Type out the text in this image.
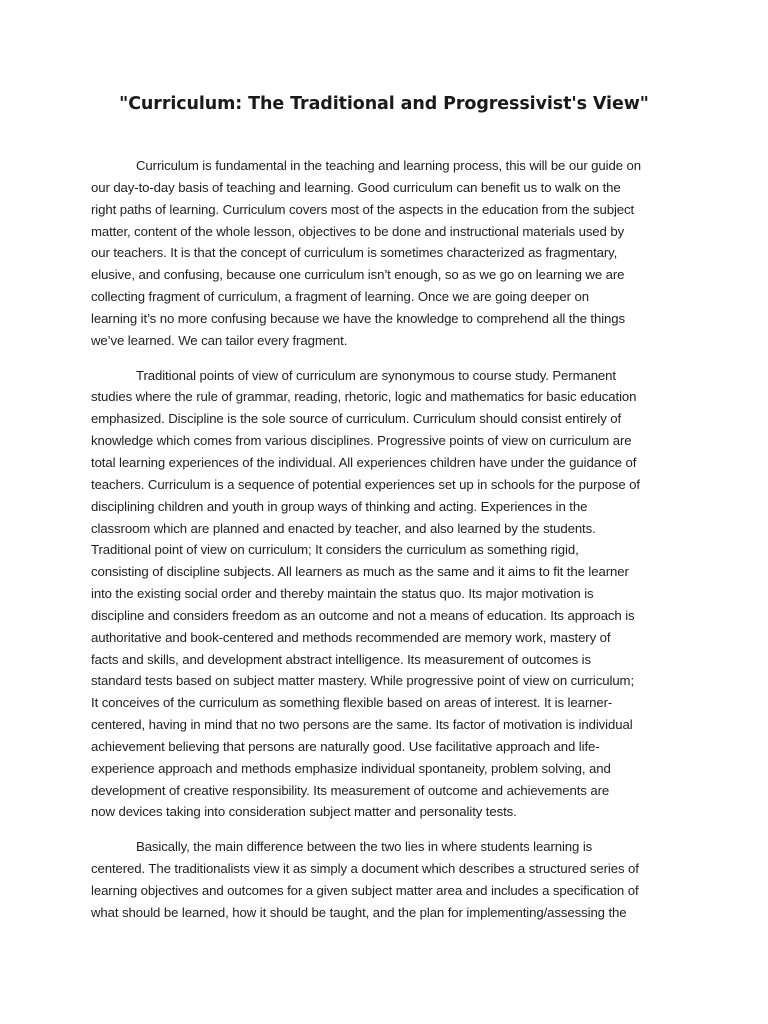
"Curriculum: The Traditional and Progressivist's View"

Curriculum is fundamental in the teaching and learning process, this will be our guide on
our day-to-day basis of teaching and learning. Good curriculum can benefit us to walk on the
right paths of learning. Curriculum covers most of the aspects in the education from the subject
matter, content of the whole lesson, objectives to be done and instructional materials used by
our teachers. It is that the concept of curriculum is sometimes characterized as fragmentary,
elusive, and confusing, because one curriculum isn’t enough, so as we go on learning we are
collecting fragment of curriculum, a fragment of learning. Once we are going deeper on
learning it’s no more confusing because we have the knowledge to comprehend all the things
we’ve learned. We can tailor every fragment.

Traditional points of view of curriculum are synonymous to course study. Permanent
studies where the rule of grammar, reading, rhetoric, logic and mathematics for basic education
emphasized. Discipline is the sole source of curriculum. Curriculum should consist entirely of
knowledge which comes from various disciplines. Progressive points of view on curriculum are
total learning experiences of the individual. All experiences children have under the guidance of
teachers. Curriculum is a sequence of potential experiences set up in schools for the purpose of
disciplining children and youth in group ways of thinking and acting. Experiences in the
classroom which are planned and enacted by teacher, and also learned by the students.
Traditional point of view on curriculum; It considers the curriculum as something rigid,
consisting of discipline subjects. All learners as much as the same and it aims to fit the learner
into the existing social order and thereby maintain the status quo. Its major motivation is
discipline and considers freedom as an outcome and not a means of education. Its approach is
authoritative and book-centered and methods recommended are memory work, mastery of
facts and skills, and development abstract intelligence. Its measurement of outcomes is
standard tests based on subject matter mastery. While progressive point of view on curriculum;
It conceives of the curriculum as something flexible based on areas of interest. It is learner-
centered, having in mind that no two persons are the same. Its factor of motivation is individual
achievement believing that persons are naturally good. Use facilitative approach and life-
experience approach and methods emphasize individual spontaneity, problem solving, and
development of creative responsibility. Its measurement of outcome and achievements are
now devices taking into consideration subject matter and personality tests.

Basically, the main difference between the two lies in where students learning is
centered. The traditionalists view it as simply a document which describes a structured series of
learning objectives and outcomes for a given subject matter area and includes a specification of
what should be learned, how it should be taught, and the plan for implementing/assessing the
